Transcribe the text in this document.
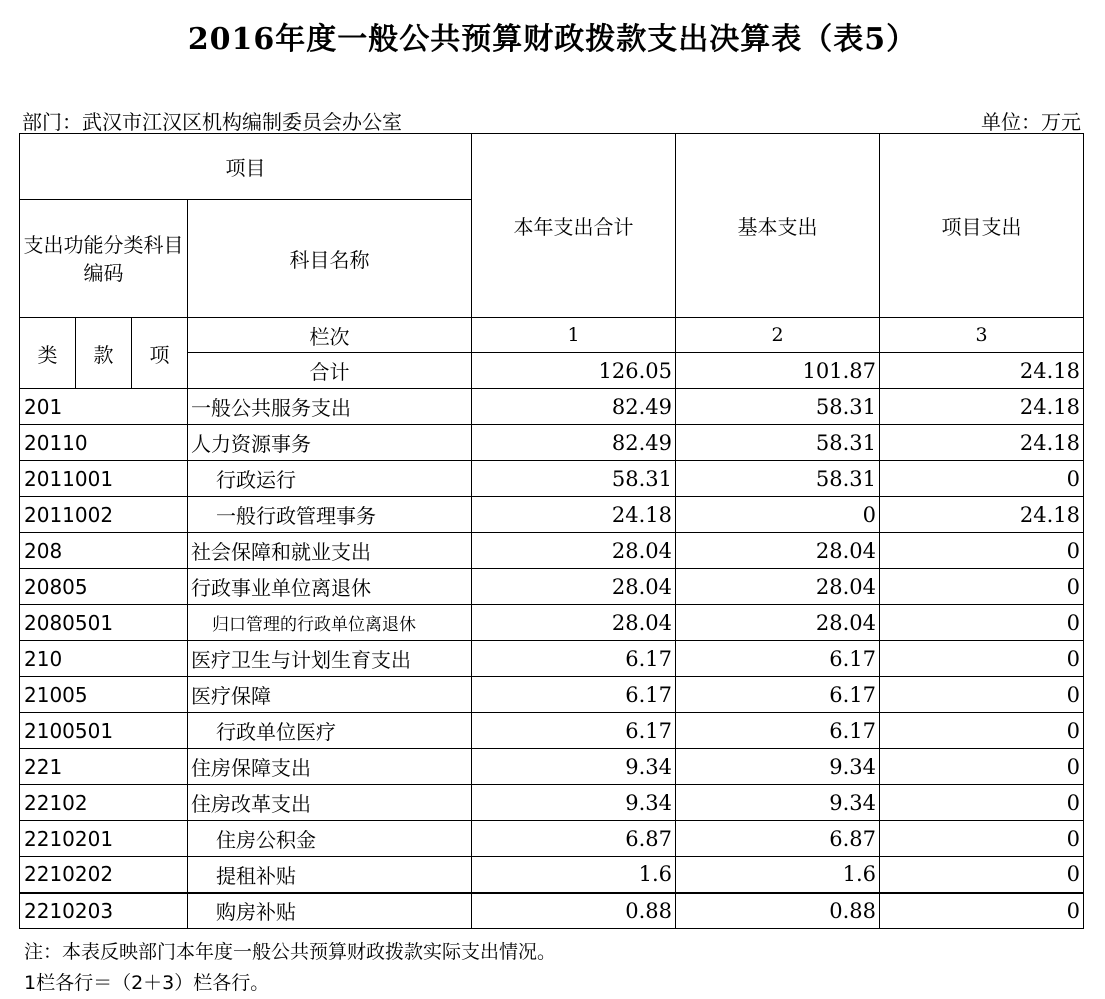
2016年度一般公共预算财政拨款支出决算表（表5）
部门：武汉市江汉区机构编制委员会办公室	单位：万元
项目				本年支出合计	基本支出	项目支出
支出功能分类科目编码			科目名称			
类	款	项	栏次	1	2	3
			合计	126.05	101.87	24.18
201			一般公共服务支出	82.49	58.31	24.18
20110			人力资源事务	82.49	58.31	24.18
2011001			行政运行	58.31	58.31	0
2011002			一般行政管理事务	24.18	0	24.18
208			社会保障和就业支出	28.04	28.04	0
20805			行政事业单位离退休	28.04	28.04	0
2080501			归口管理的行政单位离退休	28.04	28.04	0
210			医疗卫生与计划生育支出	6.17	6.17	0
21005			医疗保障	6.17	6.17	0
2100501			行政单位医疗	6.17	6.17	0
221			住房保障支出	9.34	9.34	0
22102			住房改革支出	9.34	9.34	0
2210201			住房公积金	6.87	6.87	0
2210202			提租补贴	1.6	1.6	0
2210203			购房补贴	0.88	0.88	0
注：本表反映部门本年度一般公共预算财政拨款实际支出情况。
1栏各行＝（2＋3）栏各行。
